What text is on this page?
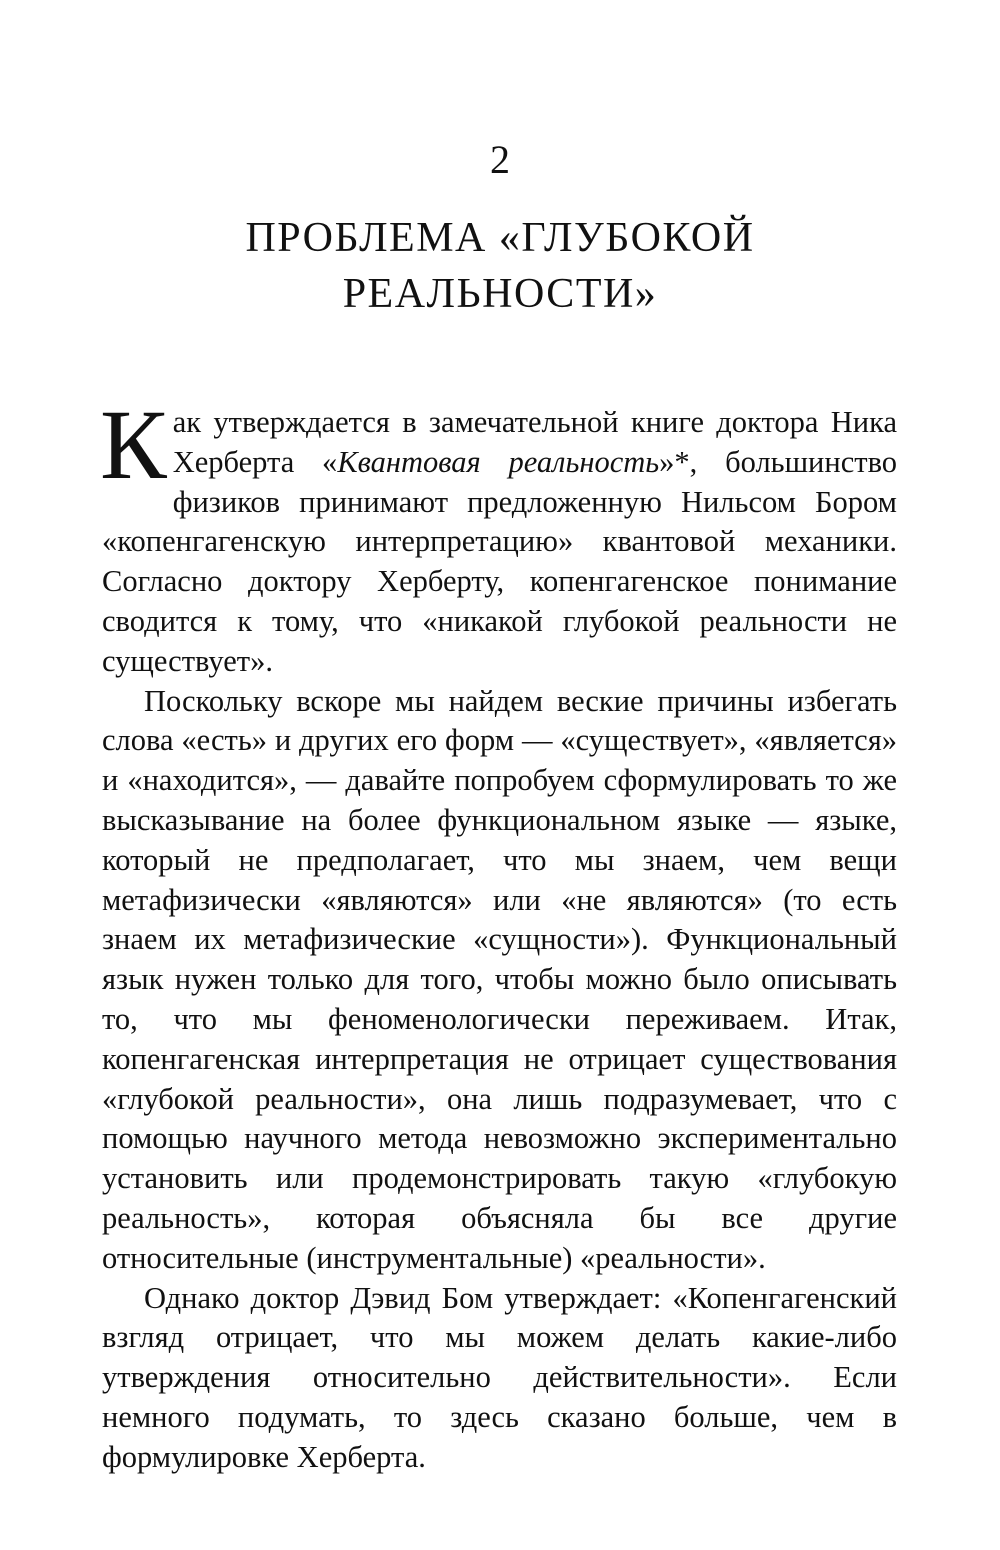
2
ПРОБЛЕМА «ГЛУБОКОЙ
РЕАЛЬНОСТИ»

Как утверждается в замечательной книге доктора Ника Херберта «Квантовая реальность»*, большинство физиков принимают предложенную Нильсом Бором «копенгагенскую интерпретацию» квантовой механики. Согласно доктору Херберту, копенгагенское понимание сводится к тому, что «никакой глубокой реальности не существует».

Поскольку вскоре мы найдем веские причины избегать слова «есть» и других его форм — «существует», «является» и «находится», — давайте попробуем сформулировать то же высказывание на более функциональном языке — языке, который не предполагает, что мы знаем, чем вещи метафизически «являются» или «не являются» (то есть знаем их метафизические «сущности»). Функциональный язык нужен только для того, чтобы можно было описывать то, что мы феноменологически переживаем. Итак, копенгагенская интерпретация не отрицает существования «глубокой реальности», она лишь подразумевает, что с помощью научного метода невозможно экспериментально установить или продемонстрировать такую «глубокую реальность», которая объясняла бы все другие относительные (инструментальные) «реальности».

Однако доктор Дэвид Бом утверждает: «Копенгагенский взгляд отрицает, что мы можем делать какие-либо утверждения относительно действительности». Если немного подумать, то здесь сказано больше, чем в формулировке Херберта.
